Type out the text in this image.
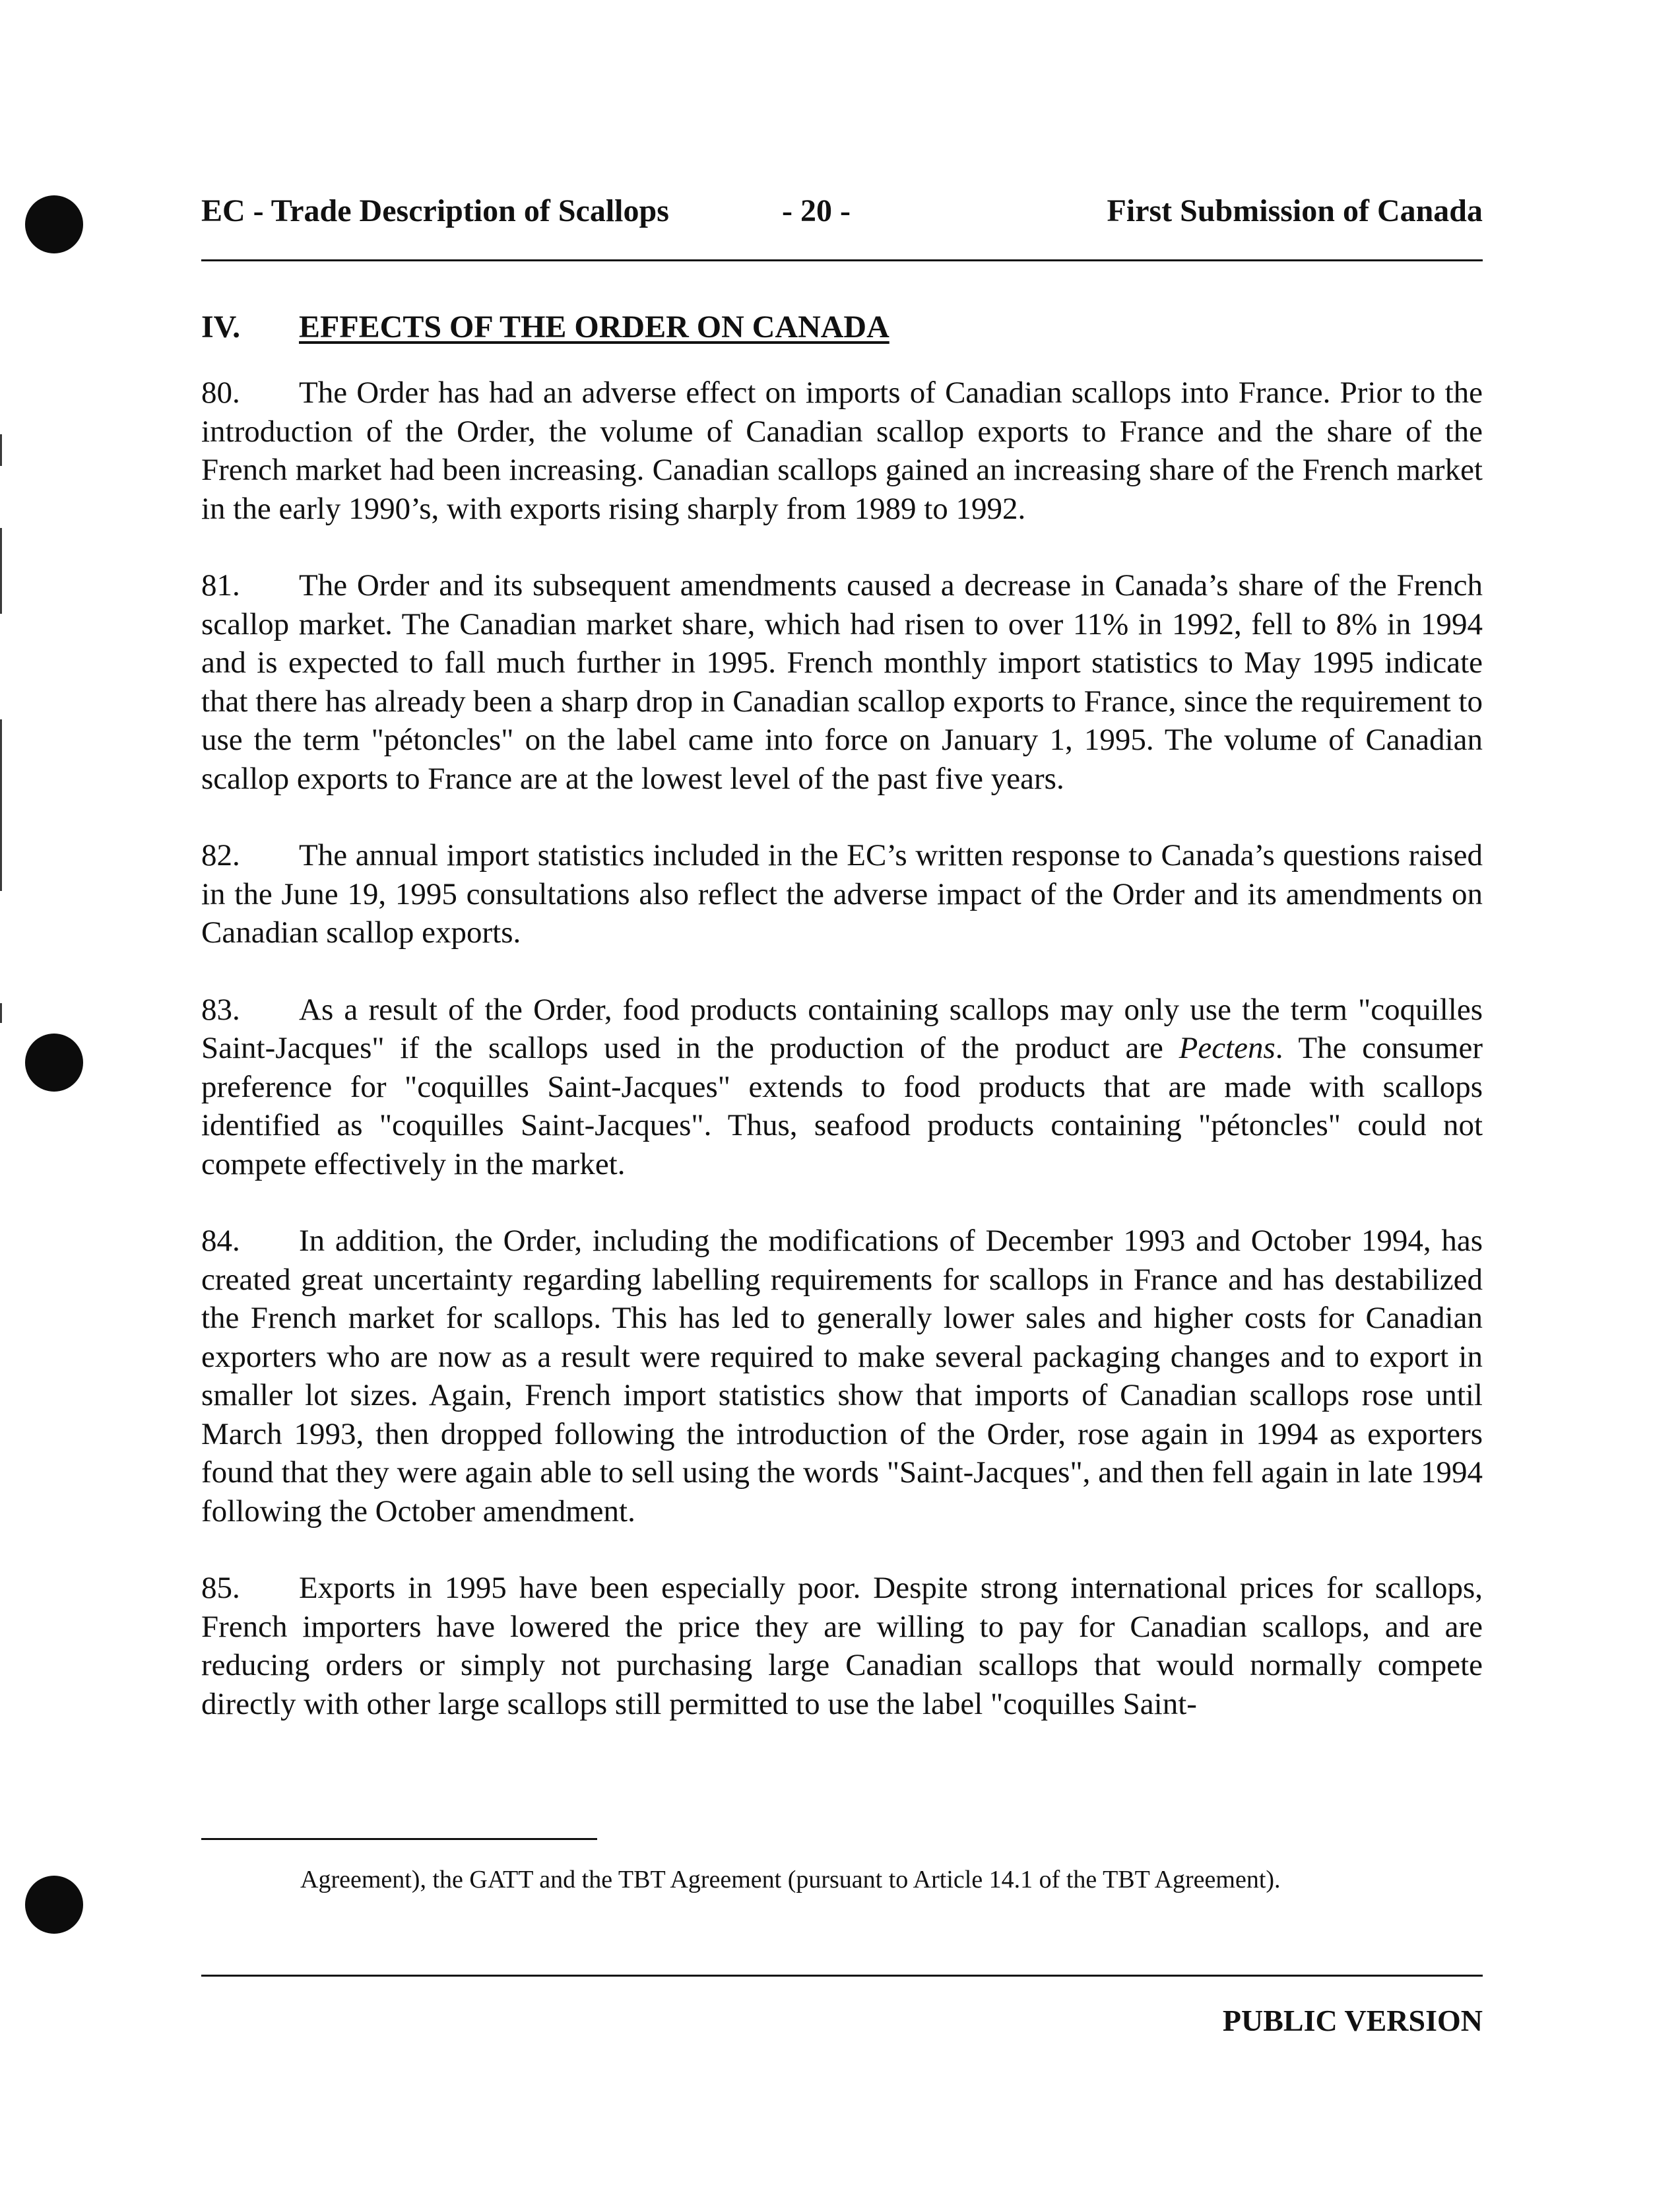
EC - Trade Description of Scallops	- 20 -	First Submission of Canada
IV. EFFECTS OF THE ORDER ON CANADA

80. The Order has had an adverse effect on imports of Canadian scallops into France. Prior to the introduction of the Order, the volume of Canadian scallop exports to France and the share of the French market had been increasing. Canadian scallops gained an increasing share of the French market in the early 1990’s, with exports rising sharply from 1989 to 1992.

81. The Order and its subsequent amendments caused a decrease in Canada’s share of the French scallop market. The Canadian market share, which had risen to over 11% in 1992, fell to 8% in 1994 and is expected to fall much further in 1995. French monthly import statistics to May 1995 indicate that there has already been a sharp drop in Canadian scallop exports to France, since the requirement to use the term "pétoncles" on the label came into force on January 1, 1995. The volume of Canadian scallop exports to France are at the lowest level of the past five years.

82. The annual import statistics included in the EC’s written response to Canada’s questions raised in the June 19, 1995 consultations also reflect the adverse impact of the Order and its amendments on Canadian scallop exports.

83. As a result of the Order, food products containing scallops may only use the term "coquilles Saint-Jacques" if the scallops used in the production of the product are Pectens. The consumer preference for "coquilles Saint-Jacques" extends to food products that are made with scallops identified as "coquilles Saint-Jacques". Thus, seafood products containing "pétoncles" could not compete effectively in the market.

84. In addition, the Order, including the modifications of December 1993 and October 1994, has created great uncertainty regarding labelling requirements for scallops in France and has destabilized the French market for scallops. This has led to generally lower sales and higher costs for Canadian exporters who are now as a result were required to make several packaging changes and to export in smaller lot sizes. Again, French import statistics show that imports of Canadian scallops rose until March 1993, then dropped following the introduction of the Order, rose again in 1994 as exporters found that they were again able to sell using the words "Saint-Jacques", and then fell again in late 1994 following the October amendment.

85. Exports in 1995 have been especially poor. Despite strong international prices for scallops, French importers have lowered the price they are willing to pay for Canadian scallops, and are reducing orders or simply not purchasing large Canadian scallops that would normally compete directly with other large scallops still permitted to use the label "coquilles Saint-

Agreement), the GATT and the TBT Agreement (pursuant to Article 14.1 of the TBT Agreement).
PUBLIC VERSION
